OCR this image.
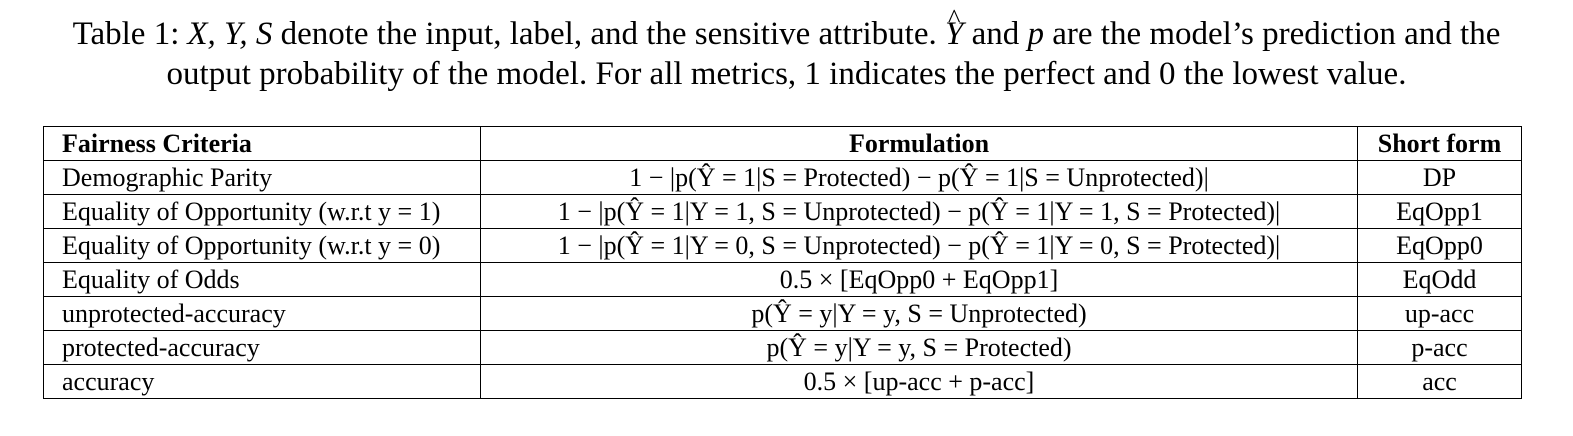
Table 1: X, Y, S denote the input, label, and the sensitive attribute. ^ Y and p are the model’s prediction and the
output probability of the model. For all metrics, 1 indicates the perfect and 0 the lowest value.
Fairness Criteria	Formulation	Short form
Demographic Parity	1 − |p(Ŷ = 1|S = Protected) − p(Ŷ = 1|S = Unprotected)|	DP
Equality of Opportunity (w.r.t y = 1)	1 − |p(Ŷ = 1|Y = 1, S = Unprotected) − p(Ŷ = 1|Y = 1, S = Protected)|	EqOpp1
Equality of Opportunity (w.r.t y = 0)	1 − |p(Ŷ = 1|Y = 0, S = Unprotected) − p(Ŷ = 1|Y = 0, S = Protected)|	EqOpp0
Equality of Odds	0.5 × [EqOpp0 + EqOpp1]	EqOdd
unprotected-accuracy	p(Ŷ = y|Y = y, S = Unprotected)	up-acc
protected-accuracy	p(Ŷ = y|Y = y, S = Protected)	p-acc
accuracy	0.5 × [up-acc + p-acc]	acc
